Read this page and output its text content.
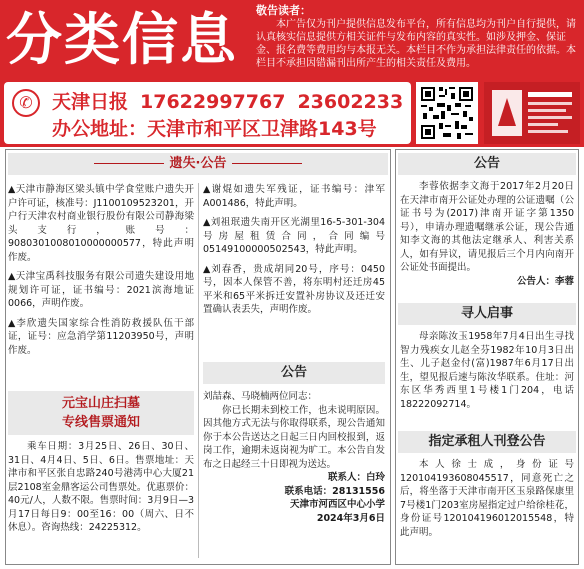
分类信息	敬告读者：
本广告仅为刊户提供信息发布平台，所有信息均为刊户自行提供，请认真核实信息提供方相关证件与发布内容的真实性。如涉及押金、保证金、报名费等费用均与本报无关。本栏目不作为承担法律责任的依据。本栏目不承担因错漏刊出所产生的相关责任及费用。
✆	天津日报 17622997767 23602233
办公地址：天津市和平区卫津路143号
遗失·公告

▲天津市静海区梁头镇中学食堂账户遗失开户许可证，核准号：J1100109523201，开户行天津农村商业银行股份有限公司静海梁头支行，账号：9080301008010000000577，特此声明作废。

▲天津宝禹科技服务有限公司遗失建设用地规划许可证，证书编号：2021滨海地证0066，声明作废。

▲李欣遗失国家综合性消防救援队伍干部证，证号：应急消学第11203950号，声明作废。

▲谢焜如遗失军残证，证书编号：津军A001486，特此声明。

▲刘祖珉遗失南开区光湖里16-5-301-304号房屋租赁合同，合同编号05149100000502543，特此声明。

▲刘春香，贵成胡同20号，序号：0450号，因本人保管不善，将东明村还迁房45平米和65平米拆迁安置补房协议及还迁安置确认表丢失，声明作废。

元宝山庄扫墓
专线售票通知
乘车日期：3月25日、26日、30日、31日、4月4日、5日、6日。售票地址：天津市和平区张自忠路240号港湾中心大厦21层2108室金鼎客运公司售票处。优惠票价：40元/人，人数不限。售票时间：3月9日—3月17日每日9：00至16：00（周六、日不休息）。咨询热线：24225312。
公告
刘喆森、马晓楠两位同志：
你已长期未到校工作，也未说明原因。因其他方式无法与你取得联系，现公告通知你于本公告送达之日起三日内回校报到，返岗工作，逾期未返岗视为旷工。本公告自发布之日起经三十日即视为送达。
联系人：白玲
联系电话：28131556
天津市河西区中心小学
2024年3月6日
公告
李蓉依据李文海于2017年2月20日在天津市南开公证处办理的公证遗嘱（公证书号为(2017)津南开证字第1350号），申请办理遗嘱继承公证，现公告通知李文海的其他法定继承人、利害关系人，如有异议，请见报后三个月内向南开公证处书面提出。
公告人：李蓉
寻人启事
母亲陈汝玉1958年7月4日出生寻找智力残疾女儿赵全芬1982年10月3日出生、儿子赵金付(富)1987年6月17日出生，望见报后速与陈汝华联系。住址：河东区华秀西里1号楼1门204，电话18222092714。
指定承租人刊登公告
本人徐士成，身份证号12010419360804551​7，同意死亡之后，将坐落于天津市南开区玉泉路保康里7号楼1门203室房屋指定过户给徐桂花，身份证号120104196012015548，特此声明。
